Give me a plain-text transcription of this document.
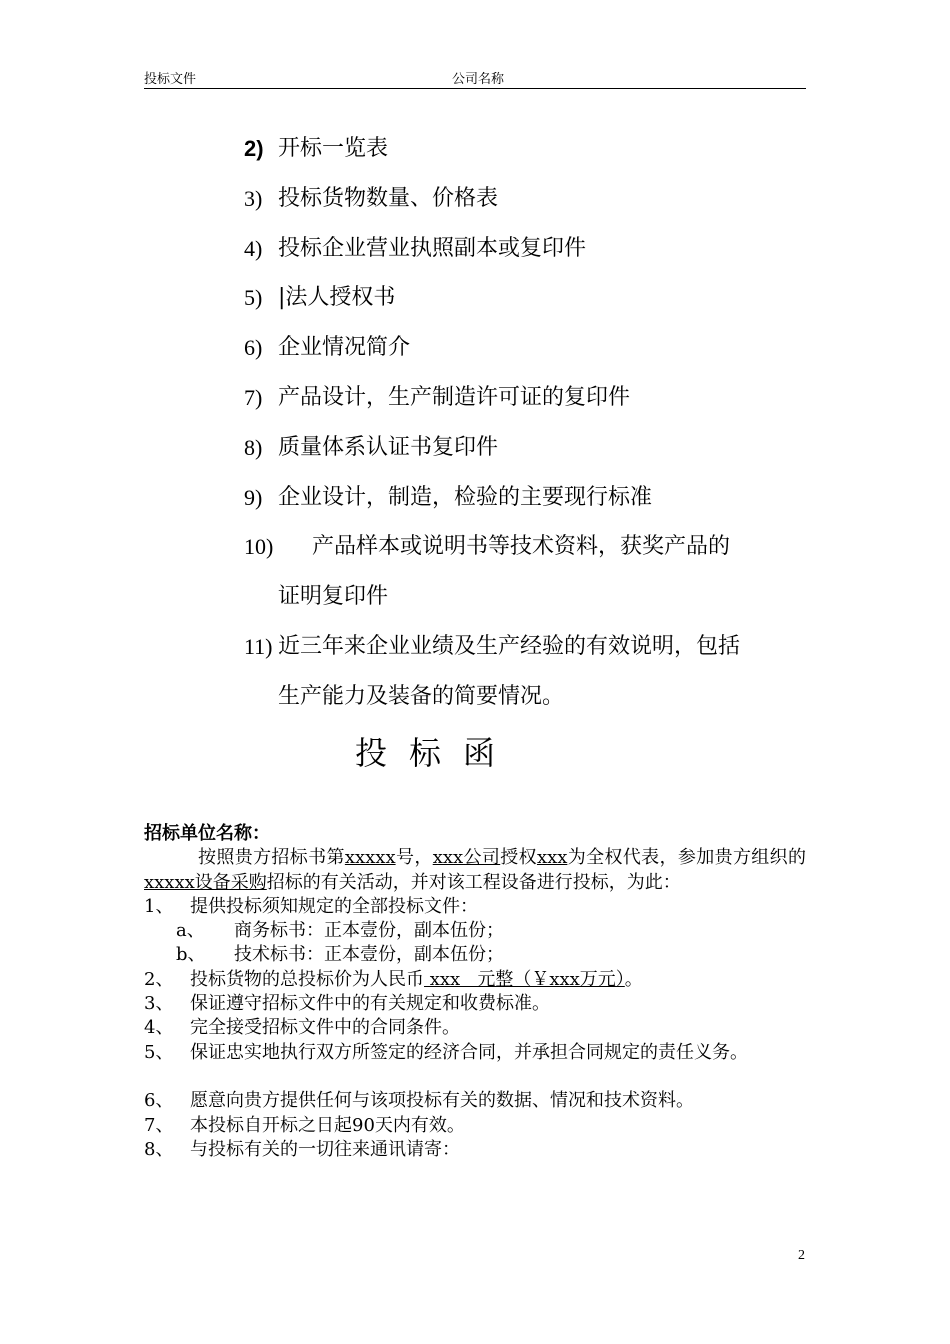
投标文件	公司名称
2) 开标一览表
3) 投标货物数量、价格表
4) 投标企业营业执照副本或复印件
5) |法人授权书
6) 企业情况简介
7) 产品设计，生产制造许可证的复印件
8) 质量体系认证书复印件
9) 企业设计，制造，检验的主要现行标准
10) 产品样本或说明书等技术资料，获奖产品的
证明复印件
11) 近三年来企业业绩及生产经验的有效说明，包括
生产能力及装备的简要情况。
投标函
招标单位名称：
按照贵方招标书第xxxxx号，xxx公司授权xxx为全权代表，参加贵方组织的xxxxx设备采购招标的有关活动，并对该工程设备进行投标，为此：
1、 提供投标须知规定的全部投标文件：
a、 商务标书：正本壹份，副本伍份；
b、 技术标书：正本壹份，副本伍份；
2、 投标货物的总投标价为人民币 xxx   元整（￥xxx万元）。
3、 保证遵守招标文件中的有关规定和收费标准。
4、 完全接受招标文件中的合同条件。
5、 保证忠实地执行双方所签定的经济合同，并承担合同规定的责任义务。
6、 愿意向贵方提供任何与该项投标有关的数据、情况和技术资料。
7、 本投标自开标之日起90天内有效。
8、 与投标有关的一切往来通讯请寄：
2
